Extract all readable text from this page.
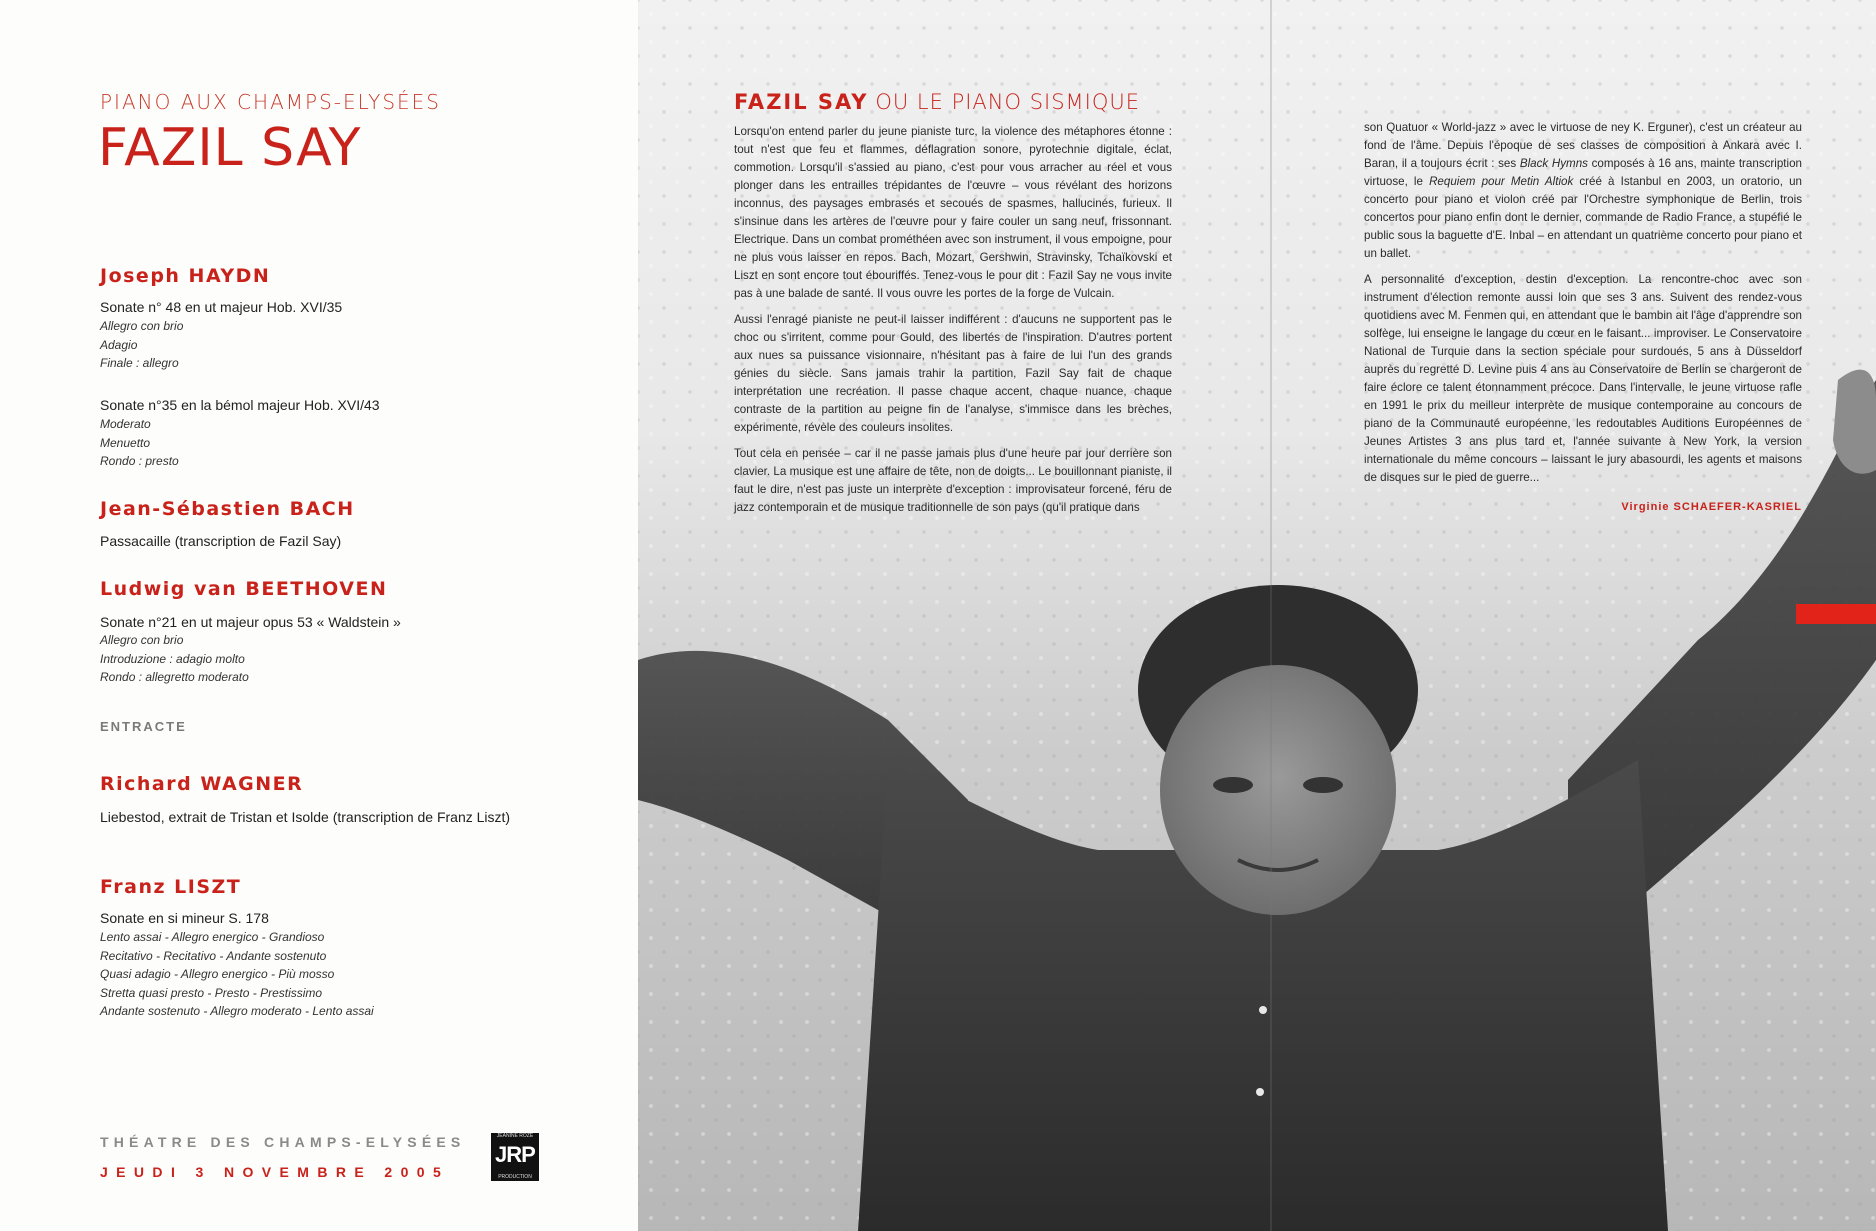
PIANO AUX CHAMPS-ELYSÉES
FAZIL SAY
Joseph HAYDN
Sonate n° 48 en ut majeur Hob. XVI/35
Allegro con brio
Adagio
Finale : allegro
Sonate n°35 en la bémol majeur Hob. XVI/43
Moderato
Menuetto
Rondo : presto
Jean-Sébastien BACH
Passacaille (transcription de Fazil Say)
Ludwig van BEETHOVEN
Sonate n°21 en ut majeur opus 53 « Waldstein »
Allegro con brio
Introduzione : adagio molto
Rondo : allegretto moderato
ENTRACTE
Richard WAGNER
Liebestod, extrait de Tristan et Isolde (transcription de Franz Liszt)
Franz LISZT
Sonate en si mineur S. 178
Lento assai - Allegro energico - Grandioso
Recitativo - Recitativo - Andante sostenuto
Quasi adagio - Allegro energico - Più mosso
Stretta quasi presto - Presto - Prestissimo
Andante sostenuto - Allegro moderato - Lento assai
THÉATRE DES CHAMPS-ELYSÉES
JEUDI 3 NOVEMBRE 2005
JEANINE ROZE
JRP
PRODUCTION
FAZIL SAY OU LE PIANO SISMIQUE

Lorsqu'on entend parler du jeune pianiste turc, la violence des métaphores étonne : tout n'est que feu et flammes, déflagration sonore, pyrotechnie digitale, éclat, commotion. Lorsqu'il s'assied au piano, c'est pour vous arracher au réel et vous plonger dans les entrailles trépidantes de l'œuvre – vous révélant des horizons inconnus, des paysages embrasés et secoués de spasmes, hallucinés, furieux. Il s'insinue dans les artères de l'œuvre pour y faire couler un sang neuf, frissonnant. Electrique. Dans un combat prométhéen avec son instrument, il vous empoigne, pour ne plus vous laisser en repos. Bach, Mozart, Gershwin, Stravinsky, Tchaïkovski et Liszt en sont encore tout ébouriffés. Tenez-vous le pour dit : Fazil Say ne vous invite pas à une balade de santé. Il vous ouvre les portes de la forge de Vulcain.

Aussi l'enragé pianiste ne peut-il laisser indifférent : d'aucuns ne supportent pas le choc ou s'irritent, comme pour Gould, des libertés de l'inspiration. D'autres portent aux nues sa puissance visionnaire, n'hésitant pas à faire de lui l'un des grands génies du siècle. Sans jamais trahir la partition, Fazil Say fait de chaque interprétation une recréation. Il passe chaque accent, chaque nuance, chaque contraste de la partition au peigne fin de l'analyse, s'immisce dans les brèches, expérimente, révèle des couleurs insolites.

Tout cela en pensée – car il ne passe jamais plus d'une heure par jour derrière son clavier. La musique est une affaire de tête, non de doigts... Le bouillonnant pianiste, il faut le dire, n'est pas juste un interprète d'exception : improvisateur forcené, féru de jazz contemporain et de musique traditionnelle de son pays (qu'il pratique dans

son Quatuor « World-jazz » avec le virtuose de ney K. Erguner), c'est un créateur au fond de l'âme. Depuis l'époque de ses classes de composition à Ankara avec I. Baran, il a toujours écrit : ses Black Hymns composés à 16 ans, mainte transcription virtuose, le Requiem pour Metin Altiok créé à Istanbul en 2003, un oratorio, un concerto pour piano et violon créé par l'Orchestre symphonique de Berlin, trois concertos pour piano enfin dont le dernier, commande de Radio France, a stupéfié le public sous la baguette d'E. Inbal – en attendant un quatrième concerto pour piano et un ballet.

A personnalité d'exception, destin d'exception. La rencontre-choc avec son instrument d'élection remonte aussi loin que ses 3 ans. Suivent des rendez-vous quotidiens avec M. Fenmen qui, en attendant que le bambin ait l'âge d'apprendre son solfège, lui enseigne le langage du cœur en le faisant... improviser. Le Conservatoire National de Turquie dans la section spéciale pour surdoués, 5 ans à Düsseldorf auprès du regretté D. Levine puis 4 ans au Conservatoire de Berlin se chargeront de faire éclore ce talent étonnamment précoce. Dans l'intervalle, le jeune virtuose rafle en 1991 le prix du meilleur interprète de musique contemporaine au concours de piano de la Communauté européenne, les redoutables Auditions Européennes de Jeunes Artistes 3 ans plus tard et, l'année suivante à New York, la version internationale du même concours – laissant le jury abasourdi, les agents et maisons de disques sur le pied de guerre...

Virginie SCHAEFER-KASRIEL
